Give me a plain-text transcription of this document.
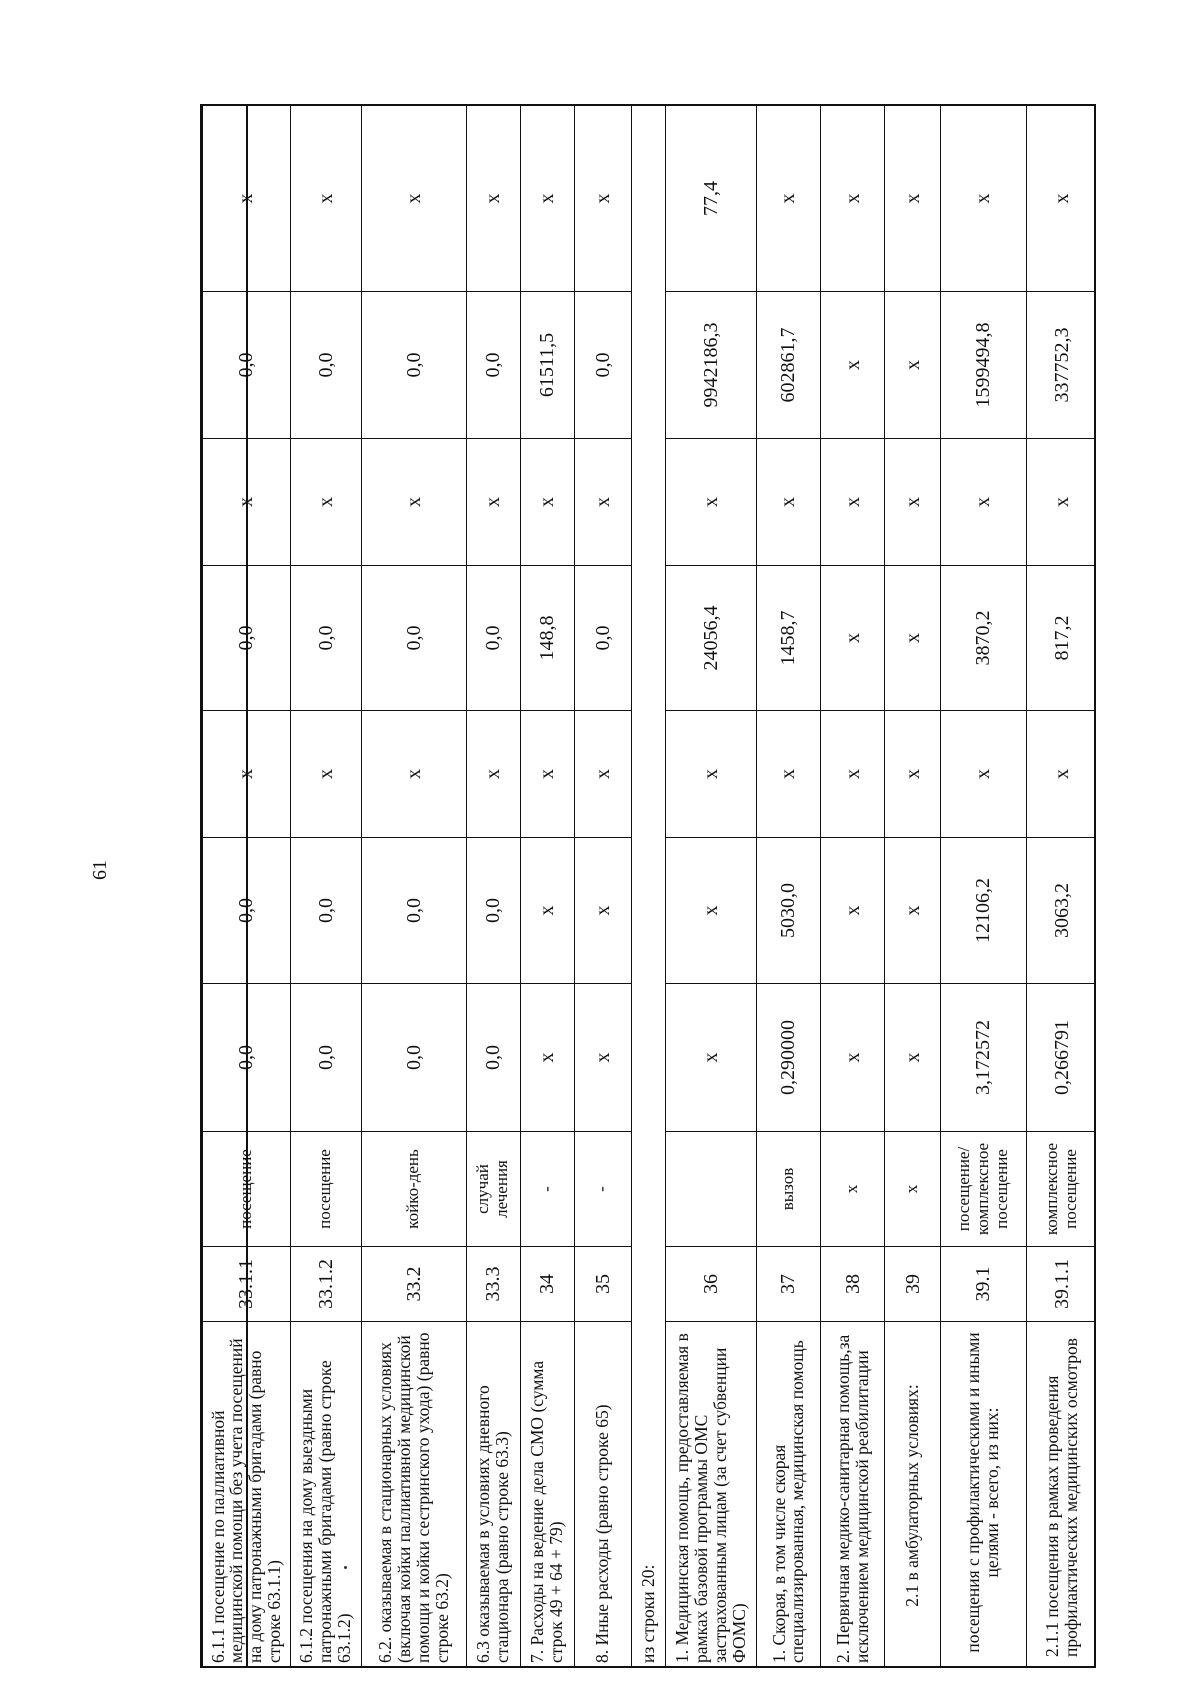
61
6.1.1 посещение по паллиативной медицинской помощи без учета посещений на дому патронажными бригадами (равно строке 63.1.1)	33.1.1	посещение	0,0	0,0	х	0,0	х	0,0	х
6.1.2 посещения на дому выездными патронажными бригадами (равно строке 63.1.2)	33.1.2	посещение	0,0	0,0	х	0,0	х	0,0	х
6.2. оказываемая в стационарных условиях (включая койки паллиативной медицинской помощи и койки сестринского ухода) (равно строке 63.2)	33.2	койко-день	0,0	0,0	х	0,0	х	0,0	х
6.3 оказываемая в условиях дневного стационара (равно строке 63.3)	33.3	случай лечения	0,0	0,0	х	0,0	х	0,0	х
7. Расходы на ведение дела СМО (сумма строк 49 + 64 + 79)	34	-	х	х	х	148,8	х	61511,5	х
8. Иные расходы (равно строке 65)	35	-	х	х	х	0,0	х	0,0	х
из строки 20:									
1. Медицинская помощь, предоставляемая в рамках базовой программы ОМС застрахованным лицам (за счет субвенции ФОМС)	36		х	х	х	24056,4	х	9942186,3	77,4
1. Скорая, в том числе скорая специализированная, медицинская помощь	37	вызов	0,290000	5030,0	х	1458,7	х	602861,7	х
2. Первичная медико-санитарная помощь,за исключением медицинской реабилитации	38	х	х	х	х	х	х	х	х
2.1 в амбулаторных условиях:	39	х	х	х	х	х	х	х	х
посещения с профилактическими и иными целями - всего, из них:	39.1	посещение/ комплексное посещение	3,172572	12106,2	х	3870,2	х	1599494,8	х
2.1.1 посещения в рамках проведения профилактических медицинских осмотров	39.1.1	комплексное посещение	0,266791	3063,2	х	817,2	х	337752,3	х
